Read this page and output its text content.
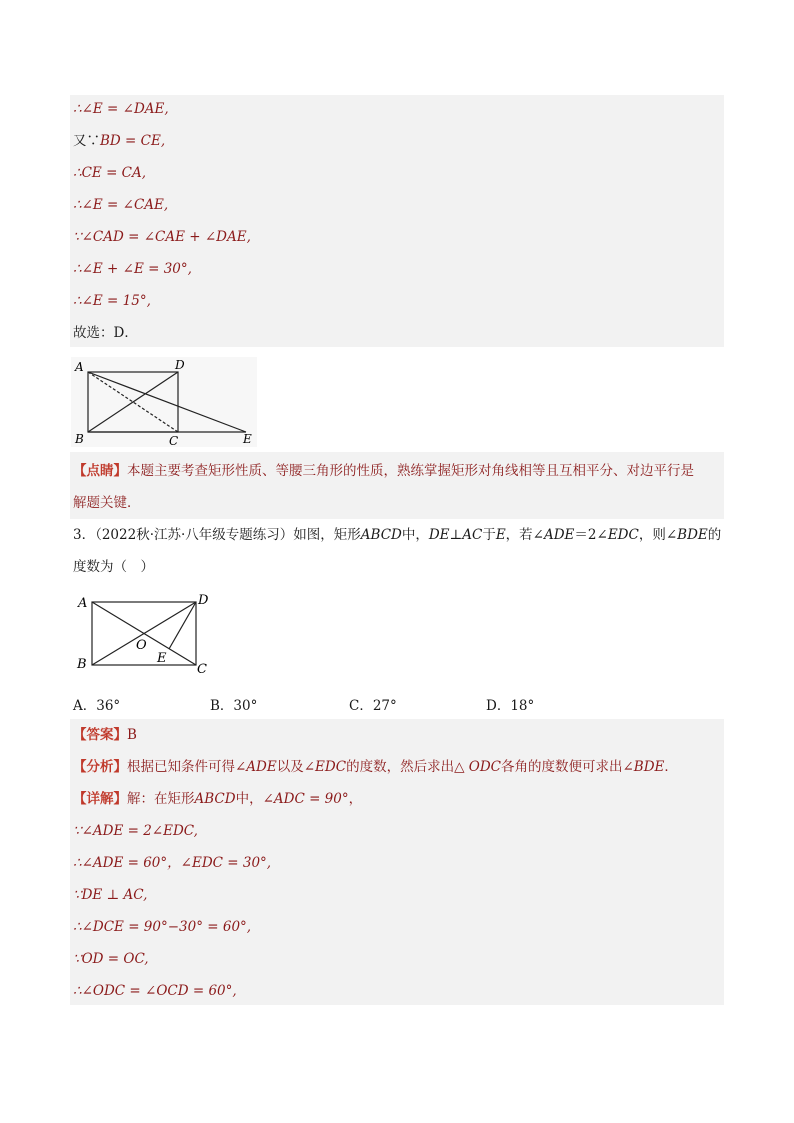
∴∠E = ∠DAE,
又∵BD = CE,
∴CE = CA,
∴∠E = ∠CAE,
∵∠CAD = ∠CAE + ∠DAE,
∴∠E + ∠E = 30°,
∴∠E = 15°,
故选：D．
A
B	C
D
E
【点睛】本题主要考查矩形性质、等腰三角形的性质，熟练掌握矩形对角线相等且互相平分、对边平行是
解题关键．
3．（2022秋·江苏·八年级专题练习）如图，矩形ABCD中，DE⊥AC于E，若∠ADE＝2∠EDC，则∠BDE的
度数为（　）
A
B	C
D
O
E
A．36°	B．30°	C．27°	D．18°
【答案】B
【分析】根据已知条件可得∠ADE以及∠EDC的度数，然后求出△ ODC各角的度数便可求出∠BDE．
【详解】解：在矩形ABCD中，∠ADC = 90°，
∵∠ADE = 2∠EDC,
∴∠ADE = 60°，∠EDC = 30°,
∵DE ⊥ AC,
∴∠DCE = 90°−30° = 60°,
∵OD = OC,
∴∠ODC = ∠OCD = 60°,
